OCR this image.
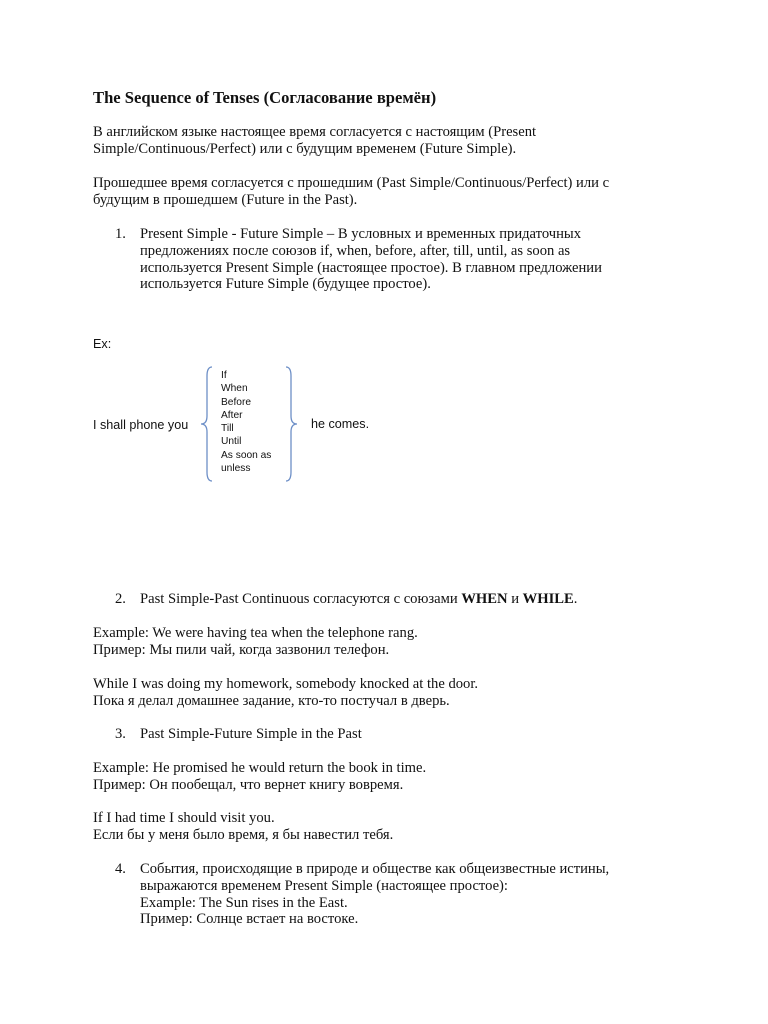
The Sequence of Tenses (Согласование времён)
В английском языке настоящее время согласуется с настоящим (Present
Simple/Continuous/Perfect) или с будущим временем (Future Simple).
Прошедшее время согласуется с прошедшим (Past Simple/Continuous/Perfect) или с
будущим в прошедшем (Future in the Past).
1. Present Simple - Future Simple – В условных и временных придаточных
предложениях после союзов if, when, before, after, till, until, as soon as
используется Present Simple (настоящее простое). В главном предложении
используется Future Simple (будущее простое).
Ex:
I shall phone you
If
When
Before
After
Till
Until
As soon as
unless
he comes.
2. Past Simple-Past Continuous согласуются с союзами WHEN и WHILE.
Example: We were having tea when the telephone rang.
Пример: Мы пили чай, когда зазвонил телефон.
While I was doing my homework, somebody knocked at the door.
Пока я делал домашнее задание, кто-то постучал в дверь.
3. Past Simple-Future Simple in the Past
Example: He promised he would return the book in time.
Пример: Он пообещал, что вернет книгу вовремя.
If I had time I should visit you.
Если бы у меня было время, я бы навестил тебя.
4. События, происходящие в природе и обществе как общеизвестные истины,
выражаются временем Present Simple (настоящее простое):
Example: The Sun rises in the East.
Пример: Солнце встает на востоке.
